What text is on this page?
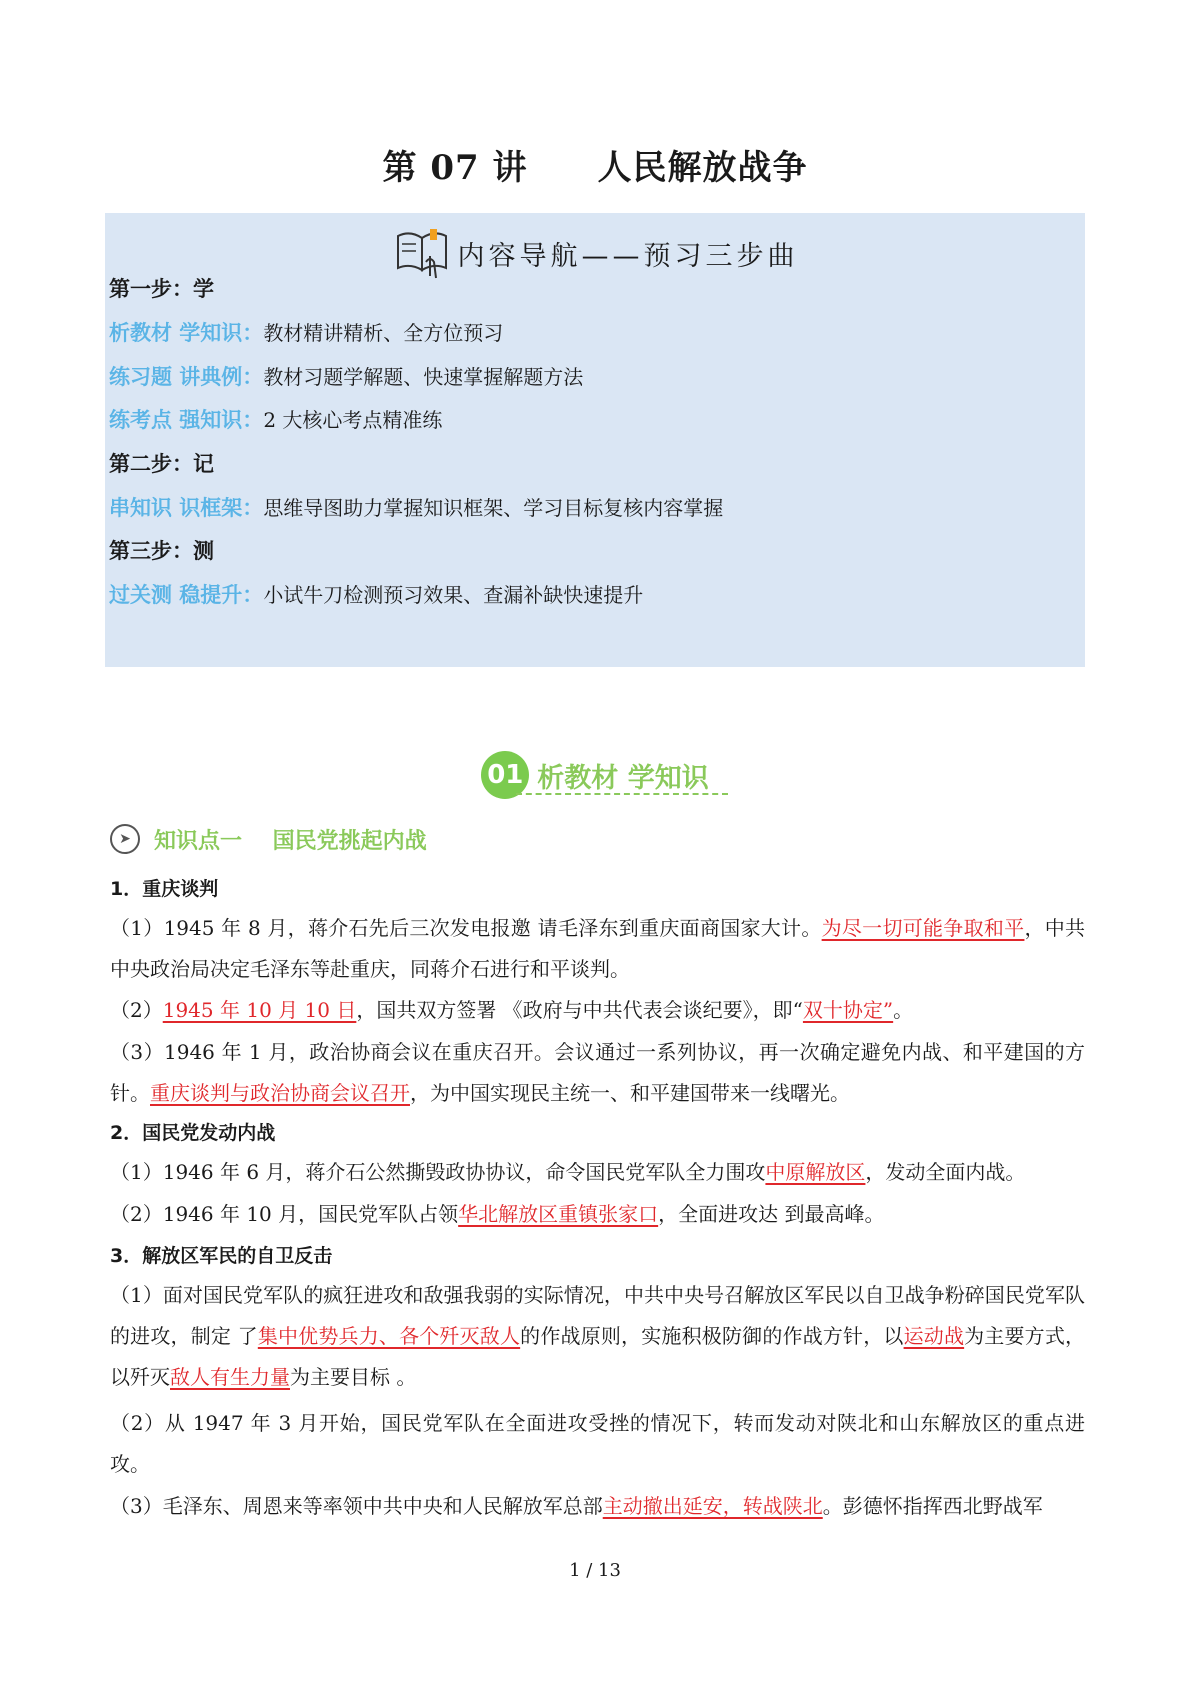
第 07 讲 人民解放战争
内容导航——预习三步曲
第一步：学
析教材 学知识：教材精讲精析、全方位预习
练习题 讲典例：教材习题学解题、快速掌握解题方法
练考点 强知识：2 大核心考点精准练
第二步：记
串知识 识框架：思维导图助力掌握知识框架、学习目标复核内容掌握
第三步：测
过关测 稳提升：小试牛刀检测预习效果、查漏补缺快速提升
01 析教材 学知识
➤	知识点一    国民党挑起内战
1．重庆谈判
（1）1945 年 8 月，蒋介石先后三次发电报邀 请毛泽东到重庆面商国家大计。为尽一切可能争取和平，中共中央政治局决定毛泽东等赴重庆，同蒋介石进行和平谈判。
（2）1945 年 10 月 10 日，国共双方签署 《政府与中共代表会谈纪要》，即“双十协定”。
（3）1946 年 1 月，政治协商会议在重庆召开。会议通过一系列协议，再一次确定避免内战、和平建国的方针。重庆谈判与政治协商会议召开，为中国实现民主统一、和平建国带来一线曙光。
2．国民党发动内战
（1）1946 年 6 月，蒋介石公然撕毁政协协议，命令国民党军队全力围攻中原解放区，发动全面内战。
（2）1946 年 10 月，国民党军队占领华北解放区重镇张家口，全面进攻达 到最高峰。
3．解放区军民的自卫反击
（1）面对国民党军队的疯狂进攻和敌强我弱的实际情况，中共中央号召解放区军民以自卫战争粉碎国民党军队的进攻，制定 了集中优势兵力、各个歼灭敌人的作战原则，实施积极防御的作战方针，以运动战为主要方式，以歼灭敌人有生力量为主要目标 。
（2）从 1947 年 3 月开始，国民党军队在全面进攻受挫的情况下，转而发动对陕北和山东解放区的重点进攻。
（3）毛泽东、周恩来等率领中共中央和人民解放军总部主动撤出延安，转战陕北。彭德怀指挥西北野战军
1 / 13
